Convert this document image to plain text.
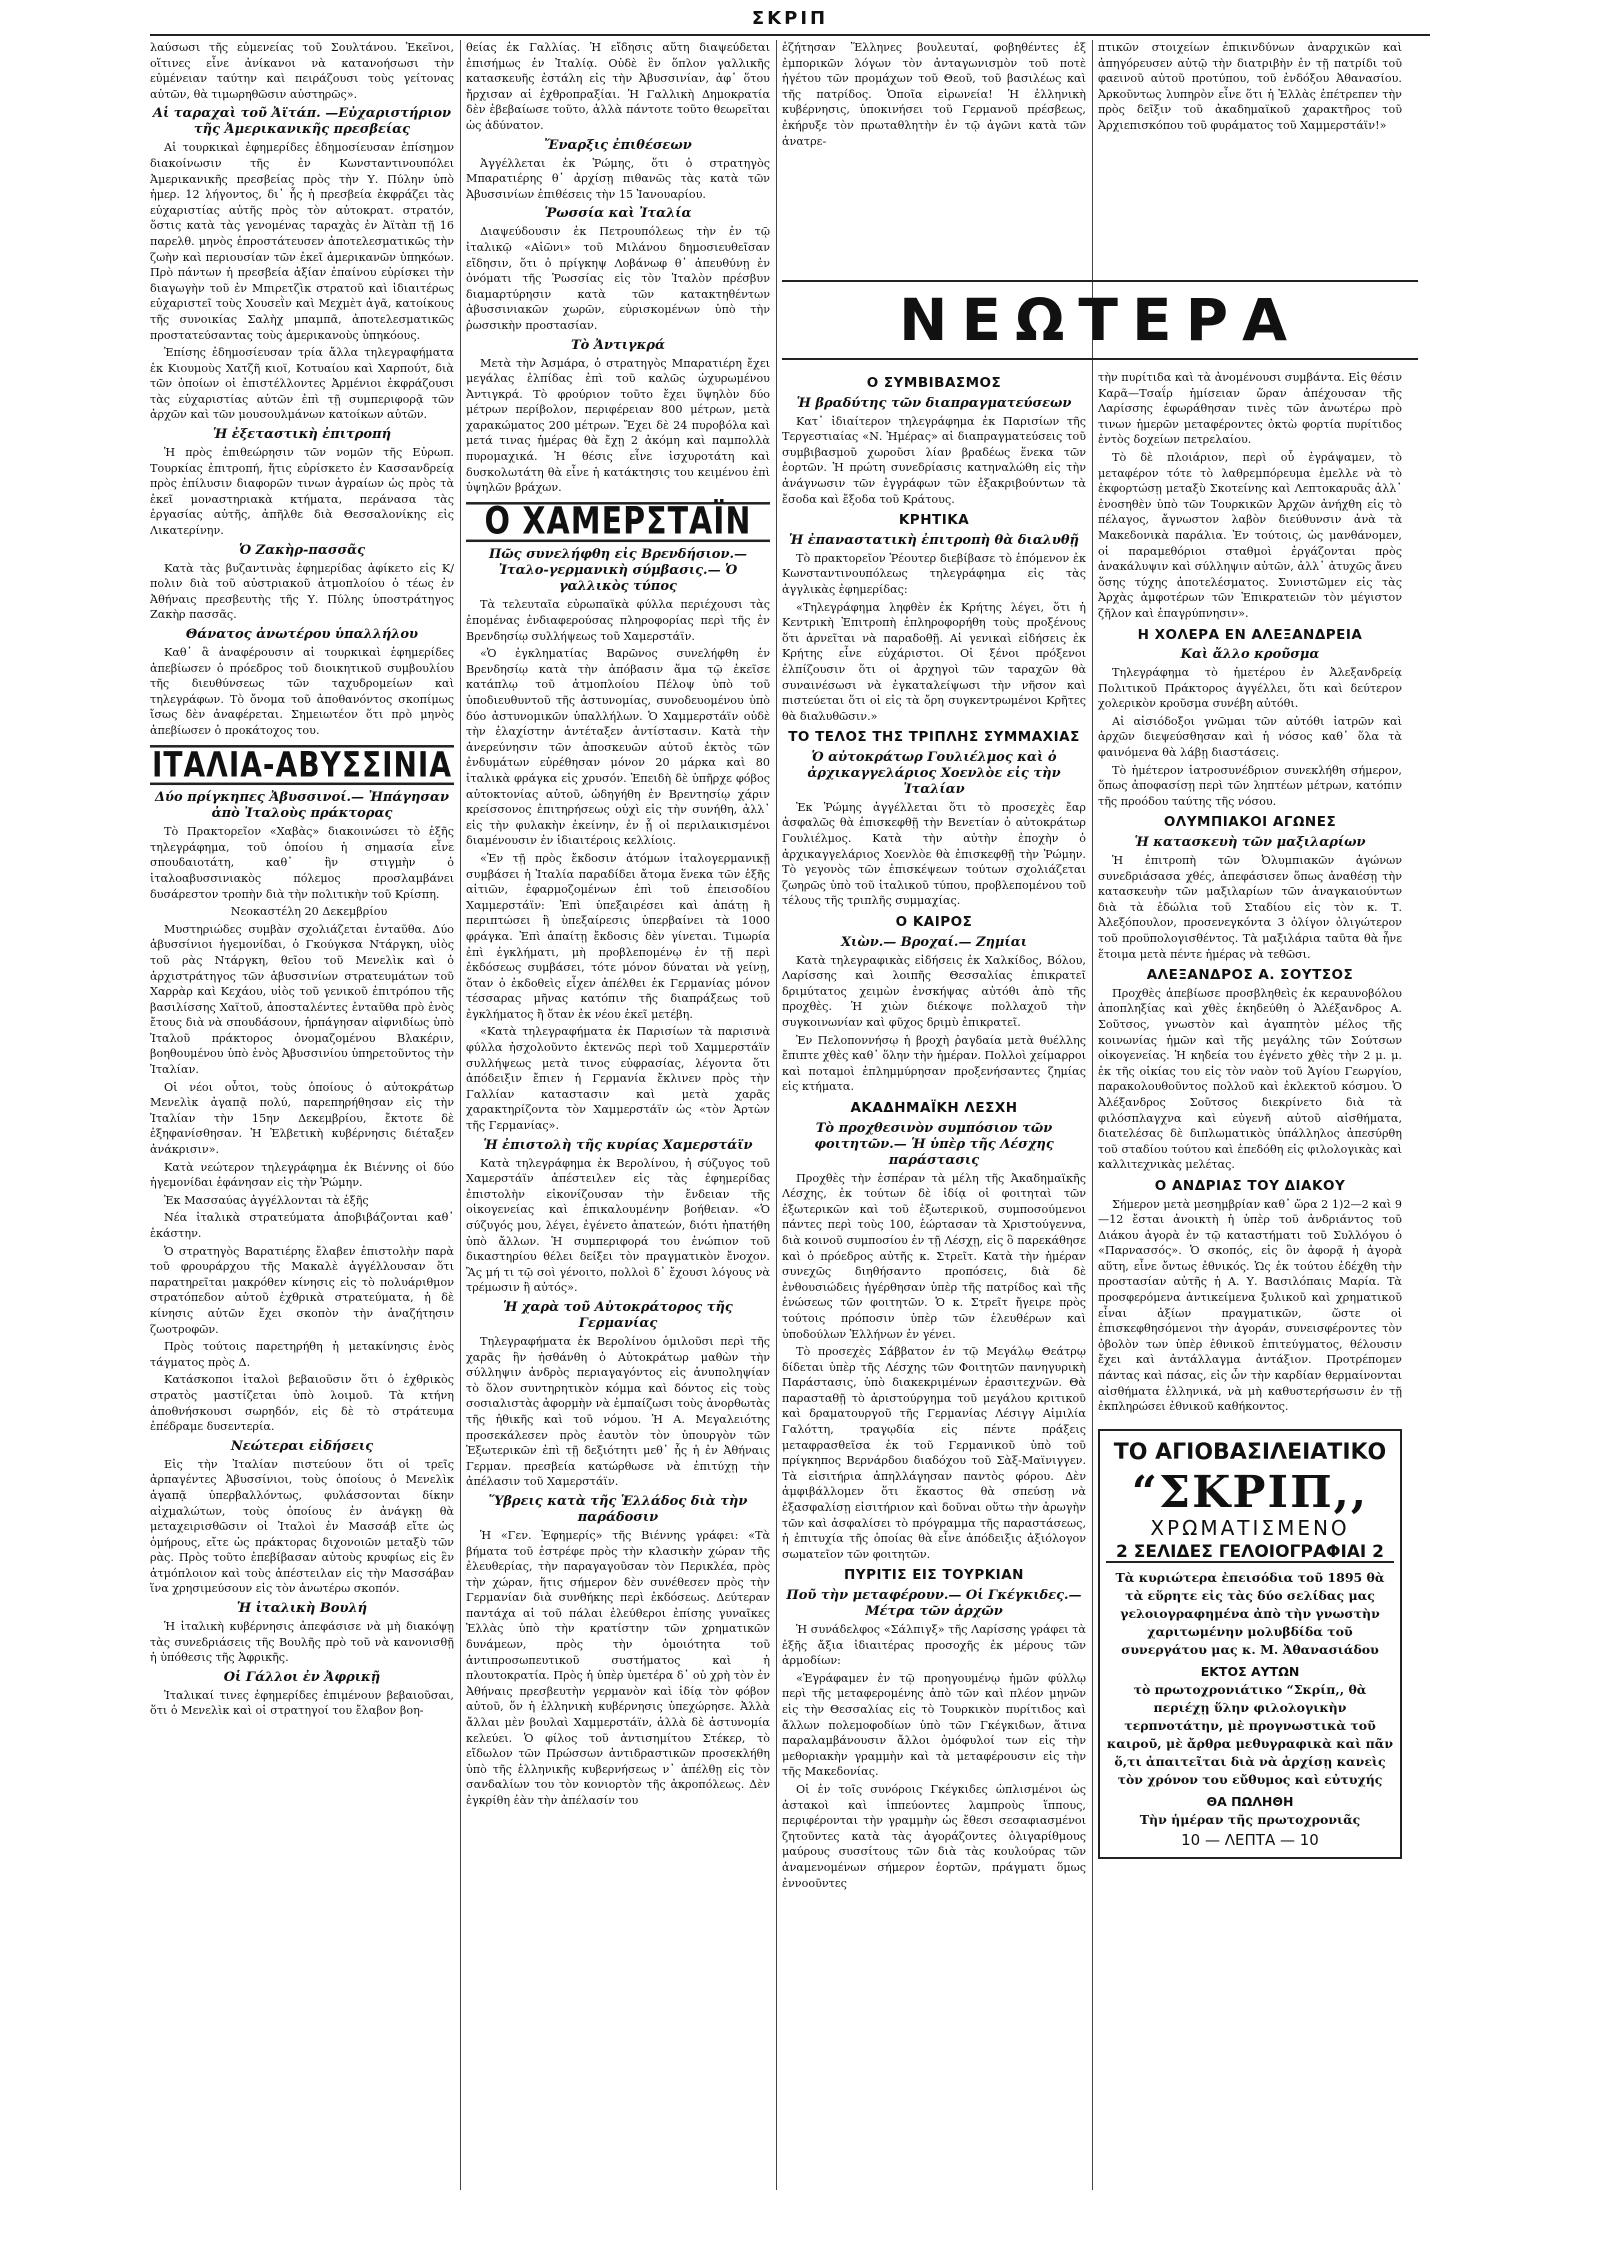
ΣΚΡΙΠ

λαύσωσι τῆς εὐμενείας τοῦ Σουλτάνου. Ἐκεῖνοι, οἵτινες εἶνε ἀνίκανοι νὰ κατανοήσωσι τὴν εὐμένειαν ταύτην καὶ πειράζουσι τοὺς γείτονας αὐτῶν, θὰ τιμωρηθῶσιν αὐστηρῶς».

Αἱ ταραχαὶ τοῦ Ἀϊτάπ. —Εὐχαριστήριον τῆς Ἀμερικανικῆς πρεσβείας

Αἱ τουρκικαὶ ἐφημερίδες ἐδημοσίευσαν ἐπίσημον διακοίνωσιν τῆς ἐν Κωνσταντινουπόλει Ἀμερικανικῆς πρεσβείας πρὸς τὴν Υ. Πύλην ὑπὸ ἡμερ. 12 λήγοντος, δι᾽ ἧς ἡ πρεσβεία ἐκφράζει τὰς εὐχαριστίας αὐτῆς πρὸς τὸν αὐτοκρατ. στρατόν, ὅστις κατὰ τὰς γενομένας ταραχὰς ἐν Ἀϊτὰπ τῇ 16 παρελθ. μηνὸς ἐπροστάτευσεν ἀποτελεσματικῶς τὴν ζωὴν καὶ περιουσίαν τῶν ἐκεῖ ἀμερικανῶν ὑπηκόων. Πρὸ πάντων ἡ πρεσβεία ἀξίαν ἐπαίνου εὑρίσκει τὴν διαγωγὴν τοῦ ἐν Μπιρετζὶκ στρατοῦ καὶ ἰδιαιτέρως εὐχαριστεῖ τοὺς Χουσεῒν καὶ Μεχμὲτ ἀγᾶ, κατοίκους τῆς συνοικίας Σαλὴχ μπαμπᾶ, ἀποτελεσματικῶς προστατεύσαντας τοὺς ἀμερικανοὺς ὑπηκόους.

Ἐπίσης ἐδημοσίευσαν τρία ἄλλα τηλεγραφήματα ἐκ Κιουμοὺς Χατζῆ κιοϊ, Κοτυαίου καὶ Χαρπούτ, διὰ τῶν ὁποίων οἱ ἐπιστέλλοντες Ἀρμένιοι ἐκφράζουσι τὰς εὐχαριστίας αὐτῶν ἐπὶ τῇ συμπεριφορᾷ τῶν ἀρχῶν καὶ τῶν μουσουλμάνων κατοίκων αὐτῶν.

Ἡ ἐξεταστικὴ ἐπιτροπή

Ἡ πρὸς ἐπιθεώρησιν τῶν νομῶν τῆς Εὐρωπ. Τουρκίας ἐπιτροπή, ἥτις εὑρίσκετο ἐν Κασσανδρείᾳ πρὸς ἐπίλυσιν διαφορῶν τινων ἀγραίων ὡς πρὸς τὰ ἐκεῖ μοναστηριακὰ κτήματα, περάνασα τὰς ἐργασίας αὐτῆς, ἀπῆλθε διὰ Θεσσαλονίκης εἰς Λικατερίνην.

Ὁ Ζακὴρ-πασσᾶς

Κατὰ τὰς βυζαντινὰς ἐφημερίδας ἀφίκετο εἰς Κ/πολιν διὰ τοῦ αὐστριακοῦ ἀτμοπλοίου ὁ τέως ἐν Ἀθήναις πρεσβευτὴς τῆς Υ. Πύλης ὑποστράτηγος Ζακὴρ πασσᾶς.

Θάνατος ἀνωτέρου ὑπαλλήλου

Καθ᾽ ἃ ἀναφέρουσιν αἱ τουρκικαὶ ἐφημερίδες ἀπεβίωσεν ὁ πρόεδρος τοῦ διοικητικοῦ συμβουλίου τῆς διευθύνσεως τῶν ταχυδρομείων καὶ τηλεγράφων. Τὸ ὄνομα τοῦ ἀποθανόντος σκοπίμως ἴσως δὲν ἀναφέρεται. Σημειωτέον ὅτι πρὸ μηνὸς ἀπεβίωσεν ὁ προκάτοχος του.

ΙΤΑΛΙΑ-ΑΒΥΣΣΙΝΙΑ
Δύο πρίγκηπες Ἀβυσσινοί.— Ἠπάγησαν ἀπὸ Ἰταλοὺς πράκτορας

Τὸ Πρακτορεῖον «Χαβὰς» διακοινώσει τὸ ἑξῆς τηλεγράφημα, τοῦ ὁποίου ἡ σημασία εἶνε σπουδαιοτάτη, καθ᾽ ἣν στιγμὴν ὁ ἰταλοαβυσσινιακὸς πόλεμος προσλαμβάνει δυσάρεστον τροπὴν διὰ τὴν πολιτικὴν τοῦ Κρίσπη.

Νεοκαστέλη 20 Δεκεμβρίου

Μυστηριώδες συμβὰν σχολιάζεται ἐνταῦθα. Δύο ἀβυσσίνιοι ἡγεμονίδαι, ὁ Γκούγκσα Ντάργκη, υἱὸς τοῦ ρὰς Ντάργκη, θεῖου τοῦ Μενελὶκ καὶ ὁ ἀρχιστράτηγος τῶν ἀβυσσινίων στρατευμάτων τοῦ Χαρρὰρ καὶ Κεχάου, υἱὸς τοῦ γενικοῦ ἐπιτρόπου τῆς βασιλίσσης Χαϊτοῦ, ἀποσταλέντες ἐνταῦθα πρὸ ἑνὸς ἔτους διὰ νὰ σπουδάσουν, ἠρπάγησαν αἰφνιδίως ὑπὸ Ἰταλοῦ πράκτορος ὀνομαζομένου Βλακέριν, βοηθουμένου ὑπὸ ἑνὸς Ἀβυσσινίου ὑπηρετοῦντος τὴν Ἰταλίαν.

Οἱ νέοι οὗτοι, τοὺς ὁποίους ὁ αὐτοκράτωρ Μενελὶκ ἀγαπᾷ πολύ, παρεπηρήθησαν εἰς τὴν Ἰταλίαν τὴν 15ην Δεκεμβρίου, ἔκτοτε δὲ ἐξηφανίσθησαν. Ἡ Ἑλβετικὴ κυβέρνησις διέταξεν ἀνάκρισιν».

Κατὰ νεώτερον τηλεγράφημα ἐκ Βιέννης οἱ δύο ἡγεμονίδαι ἐφάνησαν εἰς τὴν Ῥώμην.

Ἐκ Μασσαύας ἀγγέλλονται τὰ ἑξῆς

Νέα ἰταλικὰ στρατεύματα ἀποβιβάζονται καθ᾽ ἑκάστην.

Ὁ στρατηγὸς Βαρατιέρης ἔλαβεν ἐπιστολὴν παρὰ τοῦ φρουράρχου τῆς Μακαλὲ ἀγγέλλουσαν ὅτι παρατηρεῖται μακρόθεν κίνησις εἰς τὸ πολυάριθμον στρατόπεδον αὐτοῦ ἐχθρικὰ στρατεύματα, ἡ δὲ κίνησις αὐτῶν ἔχει σκοπὸν τὴν ἀναζήτησιν ζωοτροφῶν.

Πρὸς τούτοις παρετηρήθη ἡ μετακίνησις ἑνὸς τάγματος πρὸς Δ.

Κατάσκοποι ἰταλοὶ βεβαιοῦσιν ὅτι ὁ ἐχθρικὸς στρατὸς μαστίζεται ὑπὸ λοιμοῦ. Τὰ κτήνη ἀποθνήσκουσι σωρηδόν, εἰς δὲ τὸ στράτευμα ἐπέδραμε δυσεντερία.

Νεώτεραι εἰδήσεις

Εἰς τὴν Ἰταλίαν πιστεύουν ὅτι οἱ τρεῖς ἀρπαγέντες Ἀβυσσίνιοι, τοὺς ὁποίους ὁ Μενελὶκ ἀγαπᾷ ὑπερβαλλόντως, φυλάσσονται δίκην αἰχμαλώτων, τοὺς ὁποίους ἐν ἀνάγκῃ θὰ μεταχειρισθῶσιν οἱ Ἰταλοὶ ἐν Μασσάβ εἴτε ὡς ὁμήρους, εἴτε ὡς πράκτορας διχονοιῶν μεταξὺ τῶν ρὰς. Πρὸς τοῦτο ἐπεβίβασαν αὐτοὺς κρυφίως εἰς ἓν ἀτμόπλοιον καὶ τοὺς ἀπέστειλαν εἰς τὴν Μασσάβαν ἵνα χρησιμεύσουν εἰς τὸν ἀνωτέρω σκοπόν.

Ἡ ἰταλικὴ Βουλή

Ἡ ἰταλικὴ κυβέρνησις ἀπεφάσισε νὰ μὴ διακόψῃ τὰς συνεδριάσεις τῆς Βουλῆς πρὸ τοῦ νὰ κανονισθῇ ἡ ὑπόθεσις τῆς Ἀφρικῆς.

Οἱ Γάλλοι ἐν Ἀφρικῇ

Ἰταλικαί τινες ἐφημερίδες ἐπιμένουν βεβαιοῦσαι, ὅτι ὁ Μενελὶκ καὶ οἱ στρατηγοί του ἔλαβον βοη-

θείας ἐκ Γαλλίας. Ἡ εἴδησις αὕτη διαψεύδεται ἐπισήμως ἐν Ἰταλίᾳ. Οὐδὲ ἓν ὅπλον γαλλικῆς κατασκευῆς ἐστάλη εἰς τὴν Ἀβυσσινίαν, ἀφ᾽ ὅτου ἤρχισαν αἱ ἐχθροπραξίαι. Ἡ Γαλλικὴ Δημοκρατία δὲν ἐβεβαίωσε τοῦτο, ἀλλὰ πάντοτε τοῦτο θεωρεῖται ὡς ἀδύνατον.

Ἔναρξις ἐπιθέσεων

Ἀγγέλλεται ἐκ Ῥώμης, ὅτι ὁ στρατηγὸς Μπαρατιέρης θ᾽ ἀρχίσῃ πιθανῶς τὰς κατὰ τῶν Ἀβυσσινίων ἐπιθέσεις τὴν 15 Ἰανουαρίου.

Ῥωσσία καὶ Ἰταλία

Διαψεύδουσιν ἐκ Πετρουπόλεως τὴν ἐν τῷ ἰταλικῷ «Αἰῶνι» τοῦ Μιλάνου δημοσιευθεῖσαν εἴδησιν, ὅτι ὁ πρίγκηψ Λοβάνωφ θ᾽ ἀπευθύνῃ ἐν ὀνόματι τῆς Ῥωσσίας εἰς τὸν Ἰταλὸν πρέσβυν διαμαρτύρησιν κατὰ τῶν κατακτηθέντων ἀβυσσινιακῶν χωρῶν, εὑρισκομένων ὑπὸ τὴν ῥωσσικὴν προστασίαν.

Τὸ Ἀντιγκρά

Μετὰ τὴν Ἀσμάρα, ὁ στρατηγὸς Μπαρατιέρη ἔχει μεγάλας ἐλπίδας ἐπὶ τοῦ καλῶς ὠχυρωμένου Ἀντιγκρά. Τὸ φρούριον τοῦτο ἔχει ὕψηλὸν δύο μέτρων περίβολον, περιφέρειαν 800 μέτρων, μετὰ χαρακώματος 200 μέτρων. Ἔχει δὲ 24 πυροβόλα καὶ μετά τινας ἡμέρας θὰ ἔχῃ 2 ἀκόμη καὶ παμπολλὰ πυρομαχικά. Ἡ θέσις εἶνε ἰσχυροτάτη καὶ δυσκολωτάτη θὰ εἶνε ἡ κατάκτησις του κειμένου ἐπὶ ὑψηλῶν βράχων.

Ο ΧΑΜΕΡΣΤΑΪΝ
Πῶς συνελήφθη εἰς Βρενδήσιον.— Ἰταλο-γερμανικὴ σύμβασις.— Ὁ γαλλικὸς τύπος

Τὰ τελευταῖα εὐρωπαϊκὰ φύλλα περιέχουσι τὰς ἑπομένας ἐνδιαφερούσας πληροφορίας περὶ τῆς ἐν Βρενδησίῳ συλλήψεως τοῦ Χαμερστάϊν.

«Ὁ ἐγκληματίας Βαρῶνος συνελήφθη ἐν Βρενδησίῳ κατὰ τὴν ἀπόβασιν ἅμα τῷ ἐκεῖσε κατάπλῳ τοῦ ἀτμοπλοίου Πέλοψ ὑπὸ τοῦ ὑποδιευθυντοῦ τῆς ἀστυνομίας, συνοδευομένου ὑπὸ δύο ἀστυνομικῶν ὑπαλλήλων. Ὁ Χαμμερστάϊν οὐδὲ τὴν ἐλαχίστην ἀντέταξεν ἀντίστασιν. Κατὰ τὴν ἀνερεύνησιν τῶν ἀποσκευῶν αὐτοῦ ἐκτὸς τῶν ἐνδυμάτων εὑρέθησαν μόνον 20 μάρκα καὶ 80 ἰταλικὰ φράγκα εἰς χρυσόν. Ἐπειδὴ δὲ ὑπῆρχε φόβος αὐτοκτονίας αὐτοῦ, ὡδηγήθη ἐν Βρεντησίῳ χάριν κρείσσονος ἐπιτηρήσεως οὐχὶ εἰς τὴν συνήθη, ἀλλ᾽ εἰς τὴν φυλακὴν ἐκείνην, ἐν ᾗ οἱ περιλαικισμένοι διαμένουσιν ἐν ἰδιαιτέροις κελλίοις.

«Ἐν τῇ πρὸς ἔκδοσιν ἀτόμων ἰταλογερμανικῇ συμβάσει ἡ Ἰταλία παραδίδει ἄτομα ἕνεκα τῶν ἑξῆς αἰτιῶν, ἐφαρμοζομένων ἐπὶ τοῦ ἐπεισοδίου Χαμμερστάϊν: Ἐπὶ ὑπεξαιρέσει καὶ ἀπάτῃ ἢ περιπτώσει ἢ ὑπεξαίρεσις ὑπερβαίνει τὰ 1000 φράγκα. Ἐπὶ ἀπαίτῃ ἔκδοσις δὲν γίνεται. Τιμωρία ἐπὶ ἐγκλήματι, μὴ προβλεπομένῳ ἐν τῇ περὶ ἐκδόσεως συμβάσει, τότε μόνον δύναται νὰ γείνῃ, ὅταν ὁ ἐκδοθεὶς εἶχεν ἀπέλθει ἐκ Γερμανίας μόνον τέσσαρας μῆνας κατόπιν τῆς διαπράξεως τοῦ ἐγκλήματος ἢ ὅταν ἐκ νέου ἐκεῖ μετέβη.

«Κατὰ τηλεγραφήματα ἐκ Παρισίων τὰ παρισινὰ φύλλα ἠσχολοῦντο ἐκτενῶς περὶ τοῦ Χαμμερστάϊν συλλήψεως μετὰ τινος εὐφρασίας, λέγοντα ὅτι ἀπόδειξιν ἔπιεν ἡ Γερμανία ἔκλινεν πρὸς τὴν Γαλλίαν καταστασιν καὶ μετὰ χαρᾶς χαρακτηρίζοντα τὸν Χαμμερστάϊν ὡς «τὸν Ἀρτὼν τῆς Γερμανίας».

Ἡ ἐπιστολὴ τῆς κυρίας Χαμερστάϊν

Κατὰ τηλεγράφημα ἐκ Βερολίνου, ἡ σύζυγος τοῦ Χαμερστάϊν ἀπέστειλεν εἰς τὰς ἐφημερίδας ἐπιστολὴν εἰκονίζουσαν τὴν ἔνδειαν τῆς οἰκογενείας καὶ ἐπικαλουμένην βοήθειαν. «Ὁ σύζυγός μου, λέγει, ἐγένετο ἀπατεών, διότι ἠπατήθη ὑπὸ ἄλλων. Ἡ συμπεριφορά του ἐνώπιον τοῦ δικαστηρίου θέλει δείξει τὸν πραγματικὸν ἔνοχον. Ἂς μή τι τῷ σοὶ γένοιτο, πολλοὶ δ᾽ ἔχουσι λόγους νὰ τρέμωσιν ἢ αὐτός».

Ἡ χαρὰ τοῦ Αὐτοκράτορος τῆς Γερμανίας

Τηλεγραφήματα ἐκ Βερολίνου ὁμιλοῦσι περὶ τῆς χαρᾶς ἣν ἠσθάνθη ὁ Αὐτοκράτωρ μαθὼν τὴν σύλληψιν ἀνδρὸς περιαγαγόντος εἰς ἀνυποληψίαν τὸ ὅλον συντηρητικὸν κόμμα καὶ δόντος εἰς τοὺς σοσιαλιστὰς ἀφορμὴν νὰ ἐμπαίζωσι τοὺς ἀνορθωτὰς τῆς ἠθικῆς καὶ τοῦ νόμου. Ἡ Α. Μεγαλειότης προσεκάλεσεν πρὸς ἑαυτὸν τὸν ὑπουργὸν τῶν Ἐξωτερικῶν ἐπὶ τῇ δεξιότητι μεθ᾽ ἧς ἡ ἐν Ἀθήναις Γερμαν. πρεσβεία κατώρθωσε νὰ ἐπιτύχῃ τὴν ἀπέλασιν τοῦ Χαμερστάϊν.

Ὕβρεις κατὰ τῆς Ἑλλάδος διὰ τὴν παράδοσιν

Ἡ «Γεν. Ἐφημερίς» τῆς Βιέννης γράφει: «Τὰ βήματα τοῦ ἐστρέφε πρὸς τὴν κλασικὴν χώραν τῆς ἐλευθερίας, τὴν παραγαγοῦσαν τὸν Περικλέα, πρὸς τὴν χώραν, ἥτις σήμερον δὲν συνέθεσεν πρὸς τὴν Γερμανίαν διὰ συνθήκης περὶ ἐκδόσεως. Δεύτεραν παντάχα αἱ τοῦ πάλαι ἐλεύθεροι ἐπίσης γυναῖκες Ἑλλὰς ὑπὸ τὴν κρατίστην τῶν χρηματικῶν δυνάμεων, πρὸς τὴν ὁμοιότητα τοῦ ἀντιπροσωπευτικοῦ συστήματος καὶ ἡ πλουτοκρατία. Πρὸς ἡ ὑπὲρ ὑμετέρα δ᾽ οὐ χρὴ τὸν ἐν Ἀθήναις πρεσβευτὴν γερμανὸν καὶ ἰδίᾳ τὸν φόβον αὐτοῦ, ὅν ἡ ἑλληνικὴ κυβέρνησις ὑπεχώρησε. Ἀλλὰ ἄλλαι μὲν βουλαὶ Χαμμερστάϊν, ἀλλὰ δὲ ἀστυνομία κελεύει. Ὁ φίλος τοῦ ἀντισημίτου Στέκερ, τὸ εἴδωλον τῶν Πρώσσων ἀντιδραστικῶν προσεκλήθη ὑπὸ τῆς ἑλληνικῆς κυβερνήσεως ν᾽ ἀπέλθῃ εἰς τὸν σανδαλίων του τὸν κονιορτὸν τῆς ἀκροπόλεως. Δὲν ἐγκρίθη ἐὰν τὴν ἀπέλασίν του

ἐζήτησαν Ἕλληνες βουλευταί, φοβηθέντες ἐξ ἐμπορικῶν λόγων τὸν ἀνταγωνισμὸν τοῦ ποτὲ ἠγέτου τῶν προμάχων τοῦ Θεοῦ, τοῦ βασιλέως καὶ τῆς πατρίδος. Ὁποῖα εἰρωνεία! Ἡ ἑλληνικὴ κυβέρνησις, ὑποκινήσει τοῦ Γερμανοῦ πρέσβεως, ἐκήρυξε τὸν πρωταθλητὴν ἐν τῷ ἀγῶνι κατὰ τῶν ἀνατρε-

ΝΕΩΤΕΡΑ
Ο ΣΥΜΒΙΒΑΣΜΟΣ
Ἡ βραδύτης τῶν διαπραγματεύσεων

Κατ᾽ ἰδιαίτερον τηλεγράφημα ἐκ Παρισίων τῆς Τεργεστιαίας «Ν. Ἡμέρας» αἱ διαπραγματεύσεις τοῦ συμβιβασμοῦ χωροῦσι λίαν βραδέως ἕνεκα τῶν ἑορτῶν. Ἡ πρώτη συνεδρίασις κατηναλώθη εἰς τὴν ἀνάγνωσιν τῶν ἐγγράφων τῶν ἐξακριβούντων τὰ ἔσοδα καὶ ἔξοδα τοῦ Κράτους.

ΚΡΗΤΙΚΑ
Ἡ ἐπαναστατικὴ ἐπιτροπὴ θὰ διαλυθῇ

Τὸ πρακτορεῖον Ῥέουτερ διεβίβασε τὸ ἑπόμενον ἐκ Κωνσταντινουπόλεως τηλεγράφημα εἰς τὰς ἀγγλικὰς ἐφημερίδας:

«Τηλεγράφημα ληφθὲν ἐκ Κρήτης λέγει, ὅτι ἡ Κεντρικὴ Ἐπιτροπὴ ἐπληροφορήθη τοὺς προξένους ὅτι ἀρνεῖται νὰ παραδοθῇ. Αἱ γενικαὶ εἰδήσεις ἐκ Κρήτης εἶνε εὐχάριστοι. Οἱ ξένοι πρόξενοι ἐλπίζουσιν ὅτι οἱ ἀρχηγοὶ τῶν ταραχῶν θὰ συναινέσωσι νὰ ἐγκαταλείψωσι τὴν νῆσον καὶ πιστεύεται ὅτι οἱ εἰς τὰ ὄρη συγκεντρωμένοι Κρῆτες θὰ διαλυθῶσιν.»

ΤΟ ΤΕΛΟΣ ΤΗΣ ΤΡΙΠΛΗΣ ΣΥΜΜΑΧΙΑΣ
Ὁ αὐτοκράτωρ Γουλιέλμος καὶ ὁ ἀρχικαγγελάριος Χοενλὸε εἰς τὴν Ἰταλίαν

Ἐκ Ῥώμης ἀγγέλλεται ὅτι τὸ προσεχὲς ἔαρ ἀσφαλῶς θὰ ἐπισκεφθῇ τὴν Βενετίαν ὁ αὐτοκράτωρ Γουλιέλμος. Κατὰ τὴν αὐτὴν ἐποχὴν ὁ ἀρχικαγγελάριος Χοενλὸε θὰ ἐπισκεφθῇ τὴν Ῥώμην. Τὸ γεγονὸς τῶν ἐπισκέψεων τούτων σχολιάζεται ζωηρῶς ὑπὸ τοῦ ἰταλικοῦ τύπου, προβλεπομένου τοῦ τέλους τῆς τριπλῆς συμμαχίας.

Ο ΚΑΙΡΟΣ
Χιὼν.— Βροχαί.— Ζημίαι

Κατὰ τηλεγραφικὰς εἰδήσεις ἐκ Χαλκίδος, Βόλου, Λαρίσσης καὶ λοιπῆς Θεσσαλίας ἐπικρατεῖ δριμύτατος χειμὼν ἐνσκήψας αὐτόθι ἀπὸ τῆς προχθὲς. Ἡ χιὼν διέκοψε πολλαχοῦ τὴν συγκοινωνίαν καὶ φῦχος δριμὺ ἐπικρατεῖ.

Ἐν Πελοποννήσῳ ἡ βροχὴ ῥαγδαία μετὰ θυέλλης ἔπιπτε χθὲς καθ᾽ ὅλην τὴν ἡμέραν. Πολλοὶ χείμαρροι καὶ ποταμοὶ ἐπλημμύρησαν προξενήσαντες ζημίας εἰς κτήματα.

ΑΚΑΔΗΜΑΪΚΗ ΛΕΣΧΗ
Τὸ προχθεσινὸν συμπόσιον τῶν φοιτητῶν.— Ἡ ὑπὲρ τῆς Λέσχης παράστασις

Προχθὲς τὴν ἑσπέραν τὰ μέλη τῆς Ἀκαδημαϊκῆς Λέσχης, ἐκ τούτων δὲ ἰδίᾳ οἱ φοιτηταὶ τῶν ἐξωτερικῶν καὶ τοῦ ἐξωτερικοῦ, συμποσούμενοι πάντες περὶ τοὺς 100, ἑώρτασαν τὰ Χριστούγεννα, διὰ κοινοῦ συμποσίου ἐν τῇ Λέσχῃ, εἰς ὃ παρεκάθησε καὶ ὁ πρόεδρος αὐτῆς κ. Στρεῖτ. Κατὰ τὴν ἡμέραν συνεχῶς διηθήσαντο προπόσεις, διὰ δὲ ἐνθουσιώδεις ἠγέρθησαν ὑπὲρ τῆς πατρίδος καὶ τῆς ἑνώσεως τῶν φοιτητῶν. Ὁ κ. Στρεῖτ ἤγειρε πρὸς τούτοις πρόποσιν ὑπὲρ τῶν ἐλευθέρων καὶ ὑποδούλων Ἑλλήνων ἐν γένει.

Τὸ προσεχὲς Σάββατον ἐν τῷ Μεγάλῳ Θεάτρῳ δίδεται ὑπὲρ τῆς Λέσχης τῶν Φοιτητῶν πανηγυρικὴ Παράστασις, ὑπὸ διακεκριμένων ἐρασιτεχνῶν. Θὰ παρασταθῇ τὸ ἀριστούργημα τοῦ μεγάλου κριτικοῦ καὶ δραματουργοῦ τῆς Γερμανίας Λέσιγγ Αἰμιλία Γαλόττη, τραγῳδία εἰς πέντε πράξεις μεταφρασθεῖσα ἐκ τοῦ Γερμανικοῦ ὑπὸ τοῦ πρίγκηπος Βερνάρδου διαδόχου τοῦ Σὰξ-Μαϊνιγγεν. Τὰ εἰσιτήρια ἀπηλλάγησαν παντὸς φόρου. Δὲν ἀμφιβάλλομεν ὅτι ἕκαστος θὰ σπεύσῃ νὰ ἐξασφαλίσῃ εἰσιτήριον καὶ δοῦναι οὕτω τὴν ἀρωγὴν τῶν καὶ ἀσφαλίσει τὸ πρόγραμμα τῆς παραστάσεως, ἡ ἐπιτυχία τῆς ὁποίας θὰ εἶνε ἀπόδειξις ἀξιόλογον σωματεῖον τῶν φοιτητῶν.

ΠΥΡΙΤΙΣ ΕΙΣ ΤΟΥΡΚΙΑΝ
Ποῦ τὴν μεταφέρουν.— Οἱ Γκέγκιδες.— Μέτρα τῶν ἀρχῶν

Ἡ συνάδελφος «Σάλπιγξ» τῆς Λαρίσσης γράφει τὰ ἑξῆς ἄξια ἰδιαιτέρας προσοχῆς ἐκ μέρους τῶν ἁρμοδίων:

«Ἐγράφαμεν ἐν τῷ προηγουμένῳ ἡμῶν φύλλῳ περὶ τῆς μεταφερομένης ἀπὸ τῶν καὶ πλέον μηνῶν εἰς τὴν Θεσσαλίας εἰς τὸ Τουρκικὸν πυρίτιδος καὶ ἄλλων πολεμοφοδίων ὑπὸ τῶν Γκέγκιδων, ἅτινα παραλαμβάνουσιν ἄλλοι ὁμόφυλοί των εἰς τὴν μεθοριακὴν γραμμὴν καὶ τὰ μεταφέρουσιν εἰς τὴν τῆς Μακεδονίας.

Οἱ ἐν τοῖς συνόροις Γκέγκιδες ὡπλισμένοι ὡς ἀστακοὶ καὶ ἱππεύοντες λαμπροὺς ἵππους, περιφέρονται τὴν γραμμὴν ὡς ἔθεσι σεσαφιασμένοι ζητοῦντες κατὰ τὰς ἀγοράζοντες ὀλιγαρίθμους μαύρους συσσίτους τῶν διὰ τὰς κουλούρας τῶν ἀναμενομένων σήμερον ἑορτῶν, πράγματι ὅμως ἐννοοῦντες

πτικῶν στοιχείων ἐπικινδύνων ἀναρχικῶν καὶ ἀπηγόρευσεν αὐτῷ τὴν διατριβὴν ἐν τῇ πατρίδι τοῦ φαεινοῦ αὐτοῦ προτύπου, τοῦ ἐνδόξου Ἀθανασίου. Ἀρκοῦντως λυπηρὸν εἶνε ὅτι ἡ Ἑλλὰς ἐπέτρεπεν τὴν πρὸς δεῖξιν τοῦ ἀκαδημαϊκοῦ χαρακτῆρος τοῦ Ἀρχιεπισκόπου τοῦ φυράματος τοῦ Χαμμερστάϊν!»

τὴν πυρίτιδα καὶ τὰ ἀνομένουσι συμβάντα. Εἰς θέσιν Καρᾶ—Τσαΐρ ἡμίσειαν ὥραν ἀπέχουσαν τῆς Λαρίσσης ἐφωράθησαν τινὲς τῶν ἀνωτέρω πρὸ τινων ἡμερῶν μεταφέροντες ὀκτὼ φορτία πυρίτιδος ἐντὸς δοχείων πετρελαίου.

Τὸ δὲ πλοιάριον, περὶ οὗ ἐγράψαμεν, τὸ μεταφέρον τότε τὸ λαθρεμπόρευμα ἐμελλε νὰ τὸ ἐκφορτώσῃ μεταξὺ Σκοτείνης καὶ Λεπτοκαρυᾶς ἀλλ᾽ ἐνοσηθὲν ὑπὸ τῶν Τουρκικῶν Ἀρχῶν ἀνήχθη εἰς τὸ πέλαγος, ἄγνωστον λαβὸν διεύθυνσιν ἀνὰ τὰ Μακεδονικὰ παράλια. Ἐν τούτοις, ὡς μανθάνομεν, οἱ παραμεθόριοι σταθμοὶ ἐργάζονται πρὸς ἀνακάλυψιν καὶ σύλληψιν αὐτῶν, ἀλλ᾽ ἀτυχῶς ἄνευ ὅσης τύχης ἀποτελέσματος. Συνιστῶμεν εἰς τὰς Ἀρχὰς ἀμφοτέρων τῶν Ἐπικρατειῶν τὸν μέγιστον ζῆλον καὶ ἐπαγρύπνησιν».

Η ΧΟΛΕΡΑ ΕΝ ΑΛΕΞΑΝΔΡΕΙΑ
Καὶ ἄλλο κροῦσμα

Τηλεγράφημα τὸ ἡμετέρου ἐν Ἀλεξανδρείᾳ Πολιτικοῦ Πράκτορος ἀγγέλλει, ὅτι καὶ δεύτερον χολερικὸν κροῦσμα συνέβη αὐτόθι.

Αἱ αἰσιόδοξοι γνῶμαι τῶν αὐτόθι ἰατρῶν καὶ ἀρχῶν διεψεύσθησαν καὶ ἡ νόσος καθ᾽ ὅλα τὰ φαινόμενα θὰ λάβῃ διαστάσεις.

Τὸ ἡμέτερον ἰατροσυνέδριον συνεκλήθη σήμερον, ὅπως ἀποφασίσῃ περὶ τῶν ληπτέων μέτρων, κατόπιν τῆς προόδου ταύτης τῆς νόσου.

ΟΛΥΜΠΙΑΚΟΙ ΑΓΩΝΕΣ
Ἡ κατασκευὴ τῶν μαξιλαρίων

Ἡ ἐπιτροπὴ τῶν Ὀλυμπιακῶν ἀγώνων συνεδριάσασα χθές, ἀπεφάσισεν ὅπως ἀναθέσῃ τὴν κατασκευὴν τῶν μαξιλαρίων τῶν ἀναγκαιούντων διὰ τὰ ἑδώλια τοῦ Σταδίου εἰς τὸν κ. Τ. Ἀλεξόπουλον, προσενεγκόντα 3 ὀλίγον ὀλιγώτερον τοῦ προϋπολογισθέντος. Τὰ μαξιλάρια ταῦτα θὰ ἦνε ἕτοιμα μετὰ πέντε ἡμέρας νὰ τεθῶσι.

ΑΛΕΞΑΝΔΡΟΣ Α. ΣΟΥΤΣΟΣ

Προχθὲς ἀπεβίωσε προσβληθεὶς ἐκ κεραυνοβόλου ἀποπληξίας καὶ χθὲς ἐκηδεύθη ὁ Ἀλέξανδρος Α. Σοῦτσος, γνωστὸν καὶ ἀγαπητὸν μέλος τῆς κοινωνίας ἡμῶν καὶ τῆς μεγάλης τῶν Σούτσων οἰκογενείας. Ἡ κηδεία του ἐγένετο χθὲς τὴν 2 μ. μ. ἐκ τῆς οἰκίας του εἰς τὸν ναὸν τοῦ Ἁγίου Γεωργίου, παρακολουθοῦντος πολλοῦ καὶ ἐκλεκτοῦ κόσμου. Ὁ Ἀλέξανδρος Σοῦτσος διεκρίνετο διὰ τὰ φιλόσπλαγχνα καὶ εὐγενῆ αὐτοῦ αἰσθήματα, διατελέσας δὲ διπλωματικὸς ὑπάλληλος ἀπεσύρθη τοῦ σταδίου τούτου καὶ ἐπεδόθη εἰς φιλολογικὰς καὶ καλλιτεχνικὰς μελέτας.

Ο ΑΝΔΡΙΑΣ ΤΟΥ ΔΙΑΚΟΥ

Σήμερον μετὰ μεσημβρίαν καθ᾽ ὥρα 2 1)2—2 καὶ 9—12 ἔσται ἀνοικτὴ ἡ ὑπὲρ τοῦ ἀνδριάντος τοῦ Διάκου ἀγορὰ ἐν τῷ καταστήματι τοῦ Συλλόγου ὁ «Παρνασσός». Ὁ σκοπός, εἰς ὃν ἀφορᾷ ἡ ἀγορὰ αὕτη, εἶνε ὄντως ἐθνικός. Ὡς ἐκ τούτου ἐδέχθη τὴν προστασίαν αὐτῆς ἡ Α. Υ. Βασιλόπαις Μαρία. Τὰ προσφερόμενα ἀντικείμενα ξυλικοῦ καὶ χρηματικοῦ εἶναι ἀξίων πραγματικῶν, ὥστε οἱ ἐπισκεφθησόμενοι τὴν ἀγοράν, συνεισφέροντες τὸν ὀβολὸν των ὑπὲρ ἐθνικοῦ ἐπιτεύγματος, θέλουσιν ἔχει καὶ ἀντάλλαγμα ἀντάξιον. Προτρέπομεν πάντας καὶ πάσας, εἰς ὧν τὴν καρδίαν θερμαίνονται αἰσθήματα ἑλληνικά, νὰ μὴ καθυστερήσωσιν ἐν τῇ ἐκπληρώσει ἐθνικοῦ καθήκοντος.

ΤΟ ΑΓΙΟΒΑΣΙΛΕΙΑΤΙΚΟ
“ΣΚΡΙΠ,,
ΧΡΩΜΑΤΙΣΜΕΝΟ
2 ΣΕΛΙΔΕΣ ΓΕΛΟΙΟΓΡΑΦΙΑΙ 2
Τὰ κυριώτερα ἐπεισόδια τοῦ 1895 θὰ τὰ εὕρητε εἰς τὰς δύο σελίδας μας γελοιογραφημένα ἀπὸ τὴν γνωστὴν χαριτωμένην μολυβδίδα τοῦ συνεργάτου μας κ. Μ. Ἀθανασιάδου
ΕΚΤΟΣ ΑΥΤΩΝ
τὸ πρωτοχρονιάτικο “Σκρίπ,, θὰ περιέχῃ ὕλην φιλολογικὴν τερπνοτάτην, μὲ προγνωστικὰ τοῦ καιροῦ, μὲ ἄρθρα μεθυγραφικὰ καὶ πᾶν ὅ,τι ἀπαιτεῖται διὰ νὰ ἀρχίσῃ κανεὶς τὸν χρόνον του εὔθυμος καὶ εὐτυχής
ΘΑ ΠΩΛΗΘΗ
Τὴν ἡμέραν τῆς πρωτοχρονιᾶς
10 — ΛΕΠΤΑ — 10
